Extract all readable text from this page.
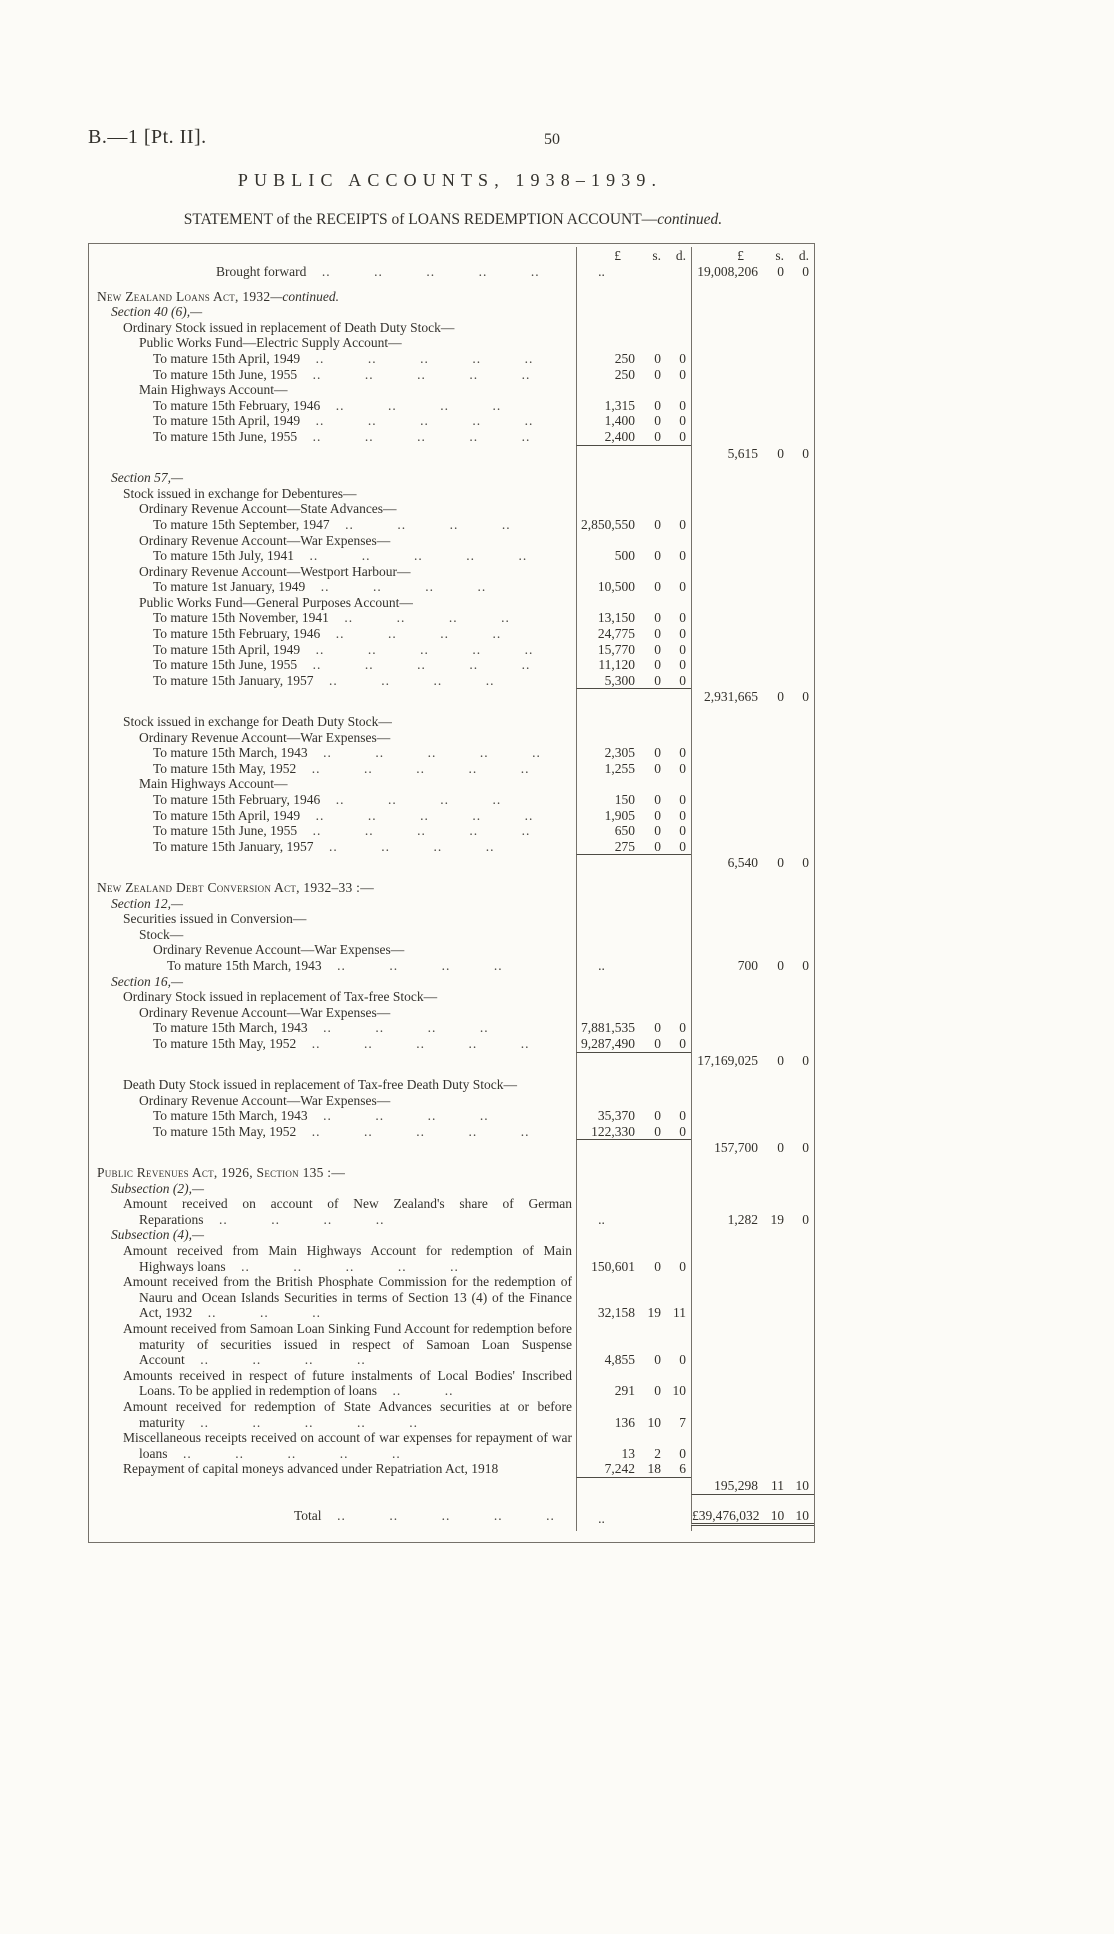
B.—1 [Pt. II].	50
PUBLIC ACCOUNTS, 1938–1939.
STATEMENT of the RECEIPTS of LOANS REDEMPTION ACCOUNT—continued.
£	s.	d.	£	s.	d.
Brought forward  ..   ..   ..   ..   ..	..	19,008,206	0	0
New Zealand Loans Act, 1932—continued.
Section 40 (6),—
Ordinary Stock issued in replacement of Death Duty Stock—
Public Works Fund—Electric Supply Account—
To mature 15th April, 1949  ..   ..   ..   ..   ..	250	0	0
To mature 15th June, 1955  ..   ..   ..   ..   ..	250	0	0
Main Highways Account—
To mature 15th February, 1946  ..   ..   ..   ..	1,315	0	0
To mature 15th April, 1949  ..   ..   ..   ..   ..	1,400	0	0
To mature 15th June, 1955  ..   ..   ..   ..   ..	2,400	0	0
5,615	0	0
Section 57,—
Stock issued in exchange for Debentures—
Ordinary Revenue Account—State Advances—
To mature 15th September, 1947  ..   ..   ..   ..	2,850,550	0	0
Ordinary Revenue Account—War Expenses—
To mature 15th July, 1941  ..   ..   ..   ..   ..	500	0	0
Ordinary Revenue Account—Westport Harbour—
To mature 1st January, 1949  ..   ..   ..   ..	10,500	0	0
Public Works Fund—General Purposes Account—
To mature 15th November, 1941  ..   ..   ..   ..	13,150	0	0
To mature 15th February, 1946  ..   ..   ..   ..	24,775	0	0
To mature 15th April, 1949  ..   ..   ..   ..   ..	15,770	0	0
To mature 15th June, 1955  ..   ..   ..   ..   ..	11,120	0	0
To mature 15th January, 1957  ..   ..   ..   ..	5,300	0	0
2,931,665	0	0
Stock issued in exchange for Death Duty Stock—
Ordinary Revenue Account—War Expenses—
To mature 15th March, 1943  ..   ..   ..   ..   ..	2,305	0	0
To mature 15th May, 1952  ..   ..   ..   ..   ..	1,255	0	0
Main Highways Account—
To mature 15th February, 1946  ..   ..   ..   ..	150	0	0
To mature 15th April, 1949  ..   ..   ..   ..   ..	1,905	0	0
To mature 15th June, 1955  ..   ..   ..   ..   ..	650	0	0
To mature 15th January, 1957  ..   ..   ..   ..	275	0	0
6,540	0	0
New Zealand Debt Conversion Act, 1932–33 :—
Section 12,—
Securities issued in Conversion—
Stock—
Ordinary Revenue Account—War Expenses—
To mature 15th March, 1943  ..   ..   ..   ..	..	700	0	0
Section 16,—
Ordinary Stock issued in replacement of Tax-free Stock—
Ordinary Revenue Account—War Expenses—
To mature 15th March, 1943  ..   ..   ..   ..	7,881,535	0	0
To mature 15th May, 1952  ..   ..   ..   ..   ..	9,287,490	0	0
17,169,025	0	0
Death Duty Stock issued in replacement of Tax-free Death Duty Stock—
Ordinary Revenue Account—War Expenses—
To mature 15th March, 1943  ..   ..   ..   ..	35,370	0	0
To mature 15th May, 1952  ..   ..   ..   ..   ..	122,330	0	0
157,700	0	0
Public Revenues Act, 1926, Section 135 :—
Subsection (2),—
Amount received on account of New Zealand's share of German Reparations  ..   ..   ..   ..	..	1,282 19	0
Subsection (4),—
Amount received from Main Highways Account for redemption of Main Highways loans  ..   ..   ..   ..   ..	150,601	0	0
Amount received from the British Phosphate Commission for the redemption of Nauru and Ocean Islands Securities in terms of Section 13 (4) of the Finance Act, 1932  ..   ..   ..	32,158 19 11
Amount received from Samoan Loan Sinking Fund Account for redemption before maturity of securities issued in respect of Samoan Loan Suspense Account  ..   ..   ..   ..	4,855	0	0
Amounts received in respect of future instalments of Local Bodies' Inscribed Loans. To be applied in redemption of loans  ..   ..	291	0 10
Amount received for redemption of State Advances securities at or before maturity  ..   ..   ..   ..   ..	136 10	7
Miscellaneous receipts received on account of war expenses for repayment of war loans  ..   ..   ..   ..   ..	13	2	0
Repayment of capital moneys advanced under Repatriation Act, 1918	7,242 18	6
195,298 11 10
Total  ..   ..   ..   ..   ..	..	£39,476,032 10 10
